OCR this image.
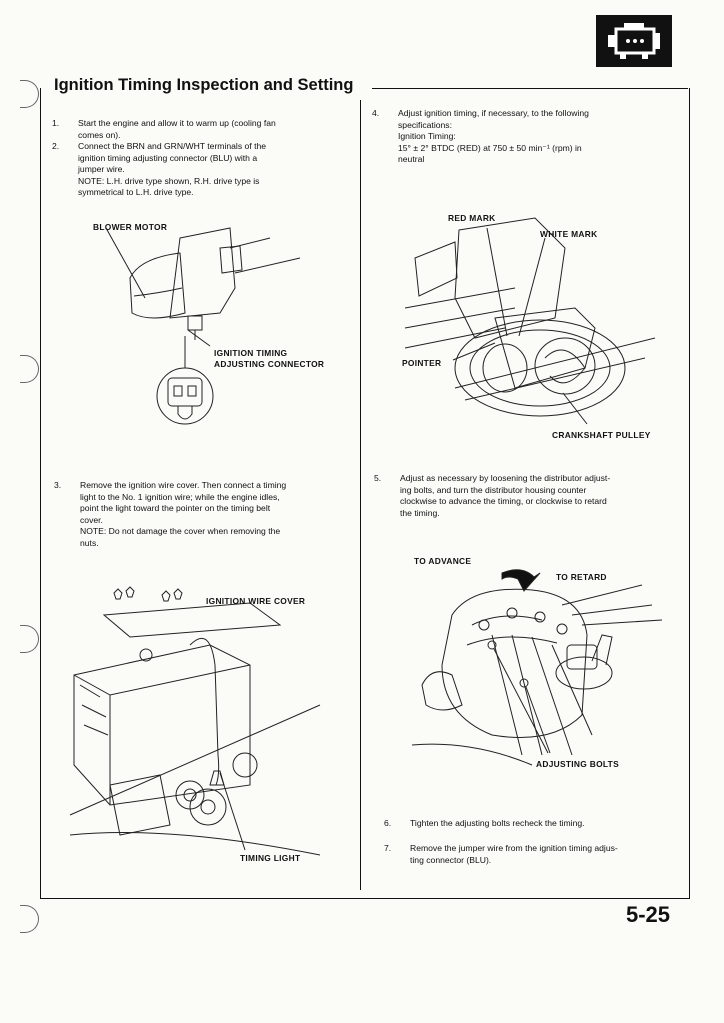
Ignition Timing Inspection and Setting
5-25
1.	Start the engine and allow it to warm up (cooling fan
comes on).
2.	Connect the BRN and GRN/WHT terminals of the
ignition timing adjusting connector (BLU) with a
jumper wire.
NOTE: L.H. drive type shown, R.H. drive type is
symmetrical to L.H. drive type.
BLOWER MOTOR
IGNITION TIMING
ADJUSTING CONNECTOR
3.	Remove the ignition wire cover. Then connect a timing
light to the No. 1 ignition wire; while the engine idles,
point the light toward the pointer on the timing belt
cover.
NOTE: Do not damage the cover when removing the
nuts.
IGNITION WIRE COVER
TIMING LIGHT
4.	Adjust ignition timing, if necessary, to the following
specifications:
Ignition Timing:
15° ± 2° BTDC (RED) at 750 ± 50 min⁻¹ (rpm) in
neutral
RED MARK
WHITE MARK
POINTER
CRANKSHAFT PULLEY
5.	Adjust as necessary by loosening the distributor adjust-
ing bolts, and turn the distributor housing counter
clockwise to advance the timing, or clockwise to retard
the timing.
TO ADVANCE
TO RETARD
ADJUSTING BOLTS
6.	Tighten the adjusting bolts recheck the timing.
7.	Remove the jumper wire from the ignition timing adjus-
ting connector (BLU).
